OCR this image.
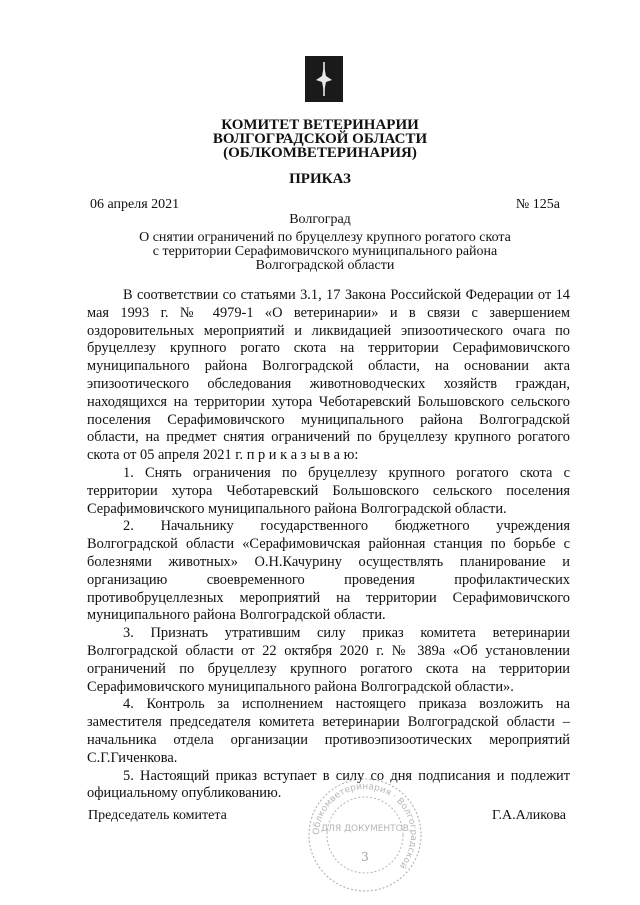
КОМИТЕТ ВЕТЕРИНАРИИ
ВОЛГОГРАДСКОЙ ОБЛАСТИ
(ОБЛКОМВЕТЕРИНАРИЯ)
ПРИКАЗ
06 апреля 2021	№ 125а
Волгоград
О снятии ограничений по бруцеллезу крупного рогатого скота
с территории Серафимовичского муниципального района
Волгоградской области

В соответствии со статьями 3.1, 17 Закона Российской Федерации от 14 мая 1993 г. № 4979-1 «О ветеринарии» и в связи с завершением оздоровительных мероприятий и ликвидацией эпизоотического очага по бруцеллезу крупного рогато скота на территории Серафимовичского муниципального района Волгоградской области, на основании акта эпизоотического обследования животноводческих хозяйств граждан, находящихся на территории хутора Чеботаревский Большовского сельского поселения Серафимовичского муниципального района Волгоградской области, на предмет снятия ограничений по бруцеллезу крупного рогатого скота от 05 апреля 2021 г. п р и к а з ы в а ю:

1. Снять ограничения по бруцеллезу крупного рогатого скота с территории хутора Чеботаревский Большовского сельского поселения Серафимовичского муниципального района Волгоградской области.

2. Начальнику государственного бюджетного учреждения Волгоградской области «Серафимовичская районная станция по борьбе с болезнями животных» О.Н.Качурину осуществлять планирование и организацию своевременного проведения профилактических противобруцеллезных мероприятий на территории Серафимовичского муниципального района Волгоградской области.

3. Признать утратившим силу приказ комитета ветеринарии Волгоградской области от 22 октября 2020 г. № 389а «Об установлении ограничений по бруцеллезу крупного рогатого скота на территории Серафимовичского муниципального района Волгоградской области».

4. Контроль за исполнением настоящего приказа возложить на заместителя председателя комитета ветеринарии Волгоградской области – начальника отдела организации противоэпизоотических мероприятий С.Г.Гиченкова.

5. Настоящий приказ вступает в силу со дня подписания и подлежит официальному опубликованию.

Председатель комитета	Г.А.Аликова
Облкомветеринария · Волгоградской
ДЛЯ ДОКУМЕНТОВ
3
